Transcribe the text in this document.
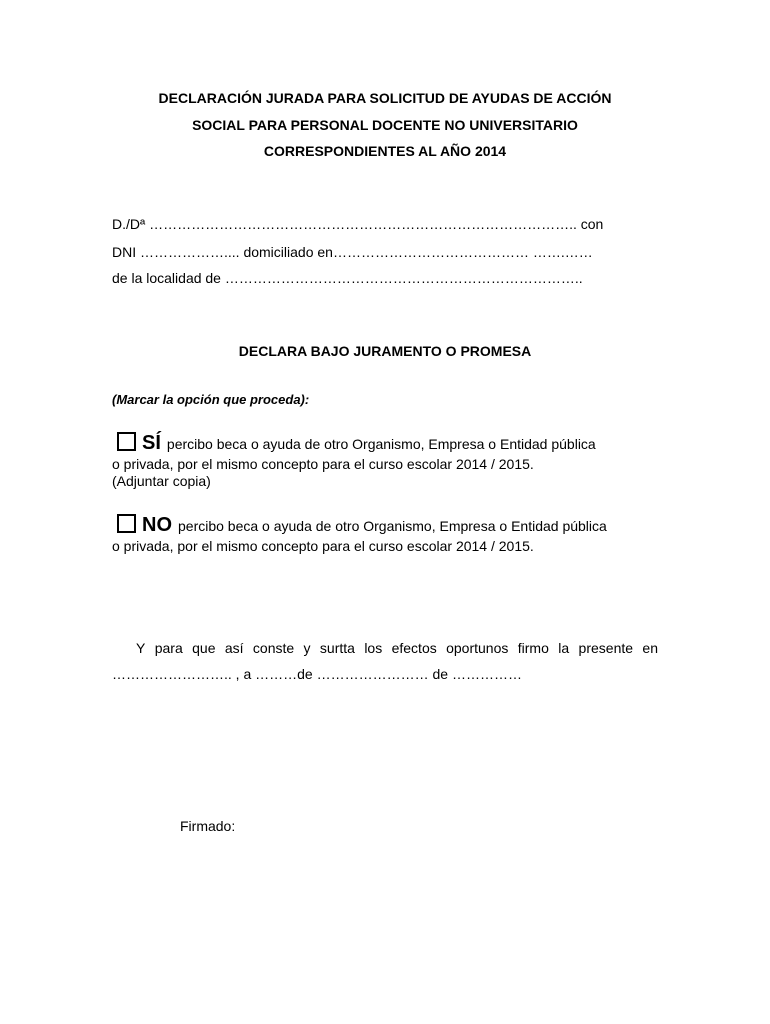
DECLARACIÓN JURADA PARA SOLICITUD DE AYUDAS DE ACCIÓN
SOCIAL PARA PERSONAL DOCENTE NO UNIVERSITARIO
CORRESPONDIENTES AL AÑO 2014
D./Dª ……………………………………………………………………………….. con
DNI ……………….... domiciliado en…………………………………… …….……
de la localidad de …………………………………………………………………..
DECLARA BAJO JURAMENTO O PROMESA
(Marcar la opción que proceda):
SÍ percibo beca o ayuda de otro Organismo, Empresa o Entidad pública
o privada, por el mismo concepto para el curso escolar 2014 / 2015.
(Adjuntar copia)
NO percibo beca o ayuda de otro Organismo, Empresa o Entidad pública
o privada, por el mismo concepto para el curso escolar 2014 / 2015.
Y para que así conste y surtta los efectos oportunos firmo la presente en
…………………….. , a ………de …………………… de ……………
Firmado:
